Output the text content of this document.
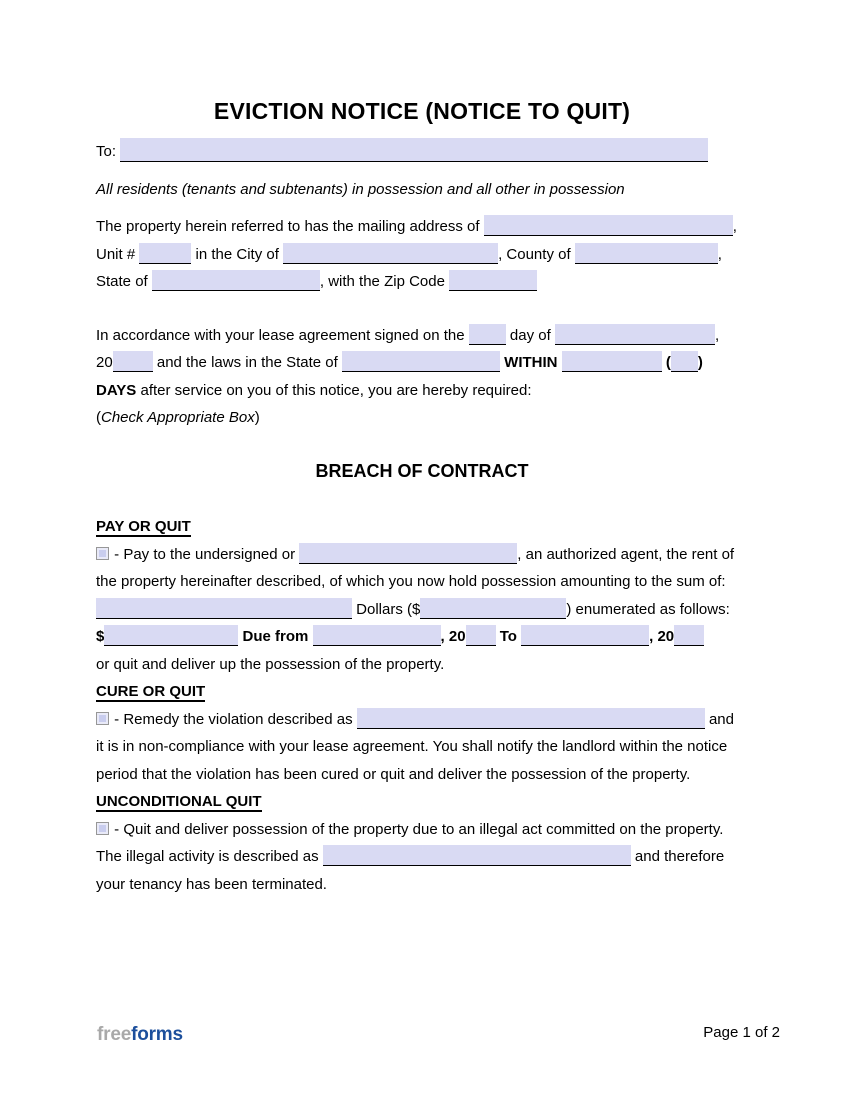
EVICTION NOTICE (NOTICE TO QUIT)
To:
All residents (tenants and subtenants) in possession and all other in possession
The property herein referred to has the mailing address of	,
Unit #	in the City of	, County of	,
State of	, with the Zip Code
In accordance with your lease agreement signed on the  day of	,
20	and the laws in the State of	WITHIN	( )
DAYS after service on you of this notice, you are hereby required:
(Check Appropriate Box)
BREACH OF CONTRACT
PAY OR QUIT
- Pay to the undersigned or	, an authorized agent, the rent of
the property hereinafter described, of which you now hold possession amounting to the sum of:
Dollars ($	) enumerated as follows:
$	Due from	, 20 To	, 20
or quit and deliver up the possession of the property.
CURE OR QUIT
- Remedy the violation described as	and
it is in non-compliance with your lease agreement. You shall notify the landlord within the notice
period that the violation has been cured or quit and deliver the possession of the property.
UNCONDITIONAL QUIT
- Quit and deliver possession of the property due to an illegal act committed on the property.
The illegal activity is described as	and therefore
your tenancy has been terminated.
freeforms	Page 1 of 2
